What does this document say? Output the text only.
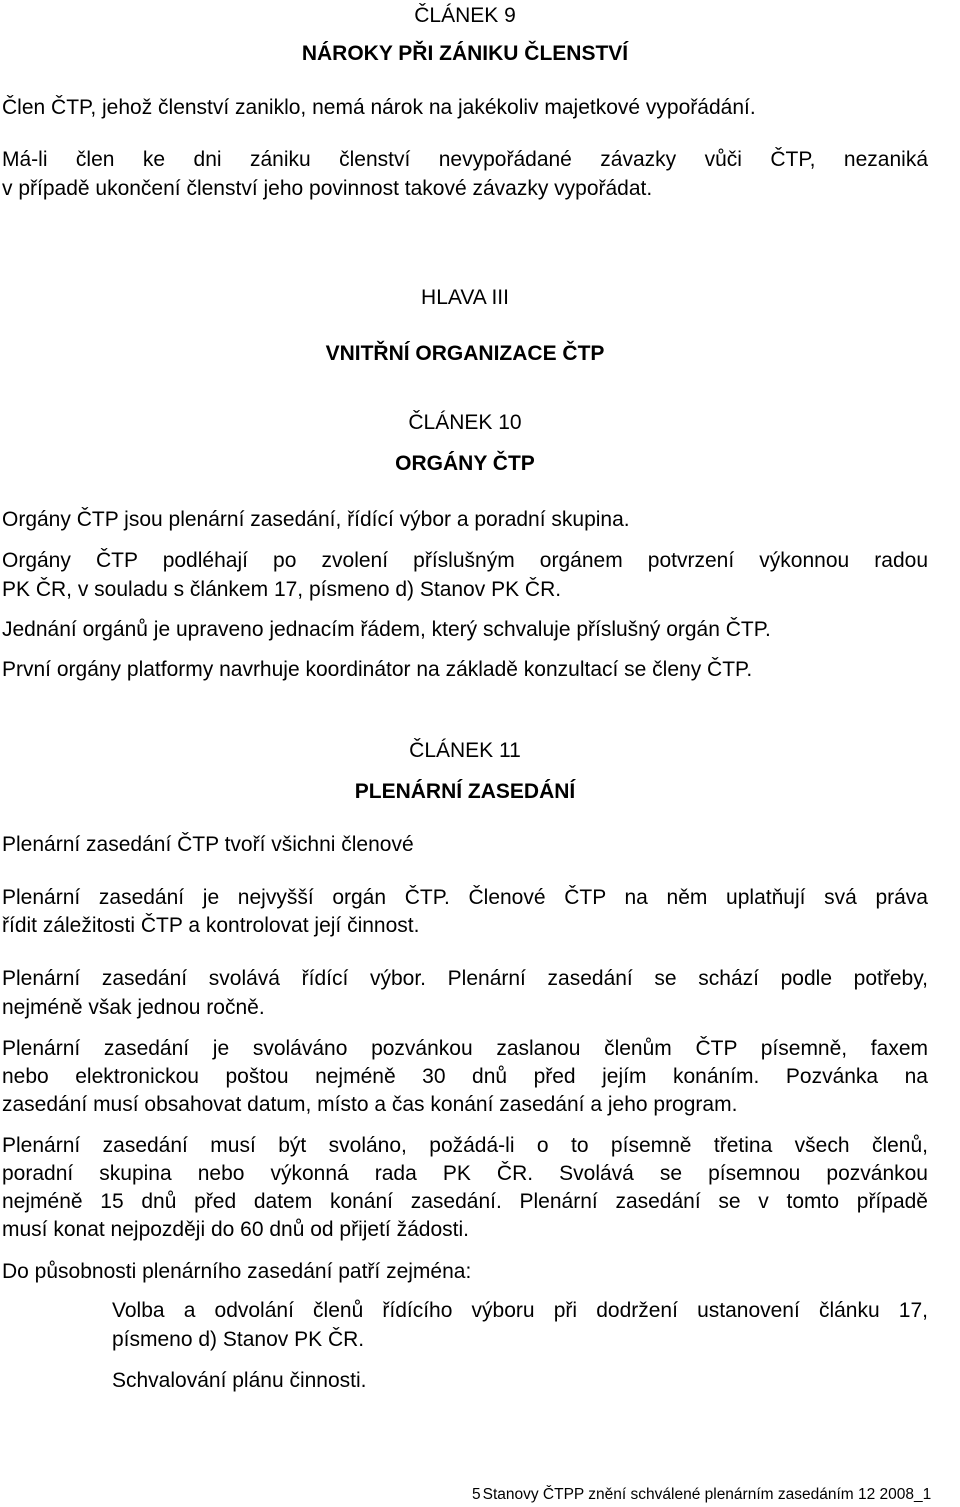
ČLÁNEK 9
NÁROKY PŘI ZÁNIKU ČLENSTVÍ
Člen ČTP, jehož členství zaniklo, nemá nárok na jakékoliv majetkové vypořádání.
Má-li člen ke dni zániku členství nevypořádané závazky vůči ČTP, nezaniká
v případě ukončení členství jeho povinnost takové závazky vypořádat.
HLAVA III
VNITŘNÍ ORGANIZACE ČTP
ČLÁNEK 10
ORGÁNY ČTP
Orgány ČTP jsou plenární zasedání, řídící výbor a poradní skupina.
Orgány ČTP podléhají po zvolení příslušným orgánem potvrzení výkonnou radou
PK ČR, v souladu s článkem 17, písmeno d) Stanov PK ČR.
Jednání orgánů je upraveno jednacím řádem, který schvaluje příslušný orgán ČTP.
První orgány platformy navrhuje koordinátor na základě konzultací se členy ČTP.
ČLÁNEK 11
PLENÁRNÍ ZASEDÁNÍ
Plenární zasedání ČTP tvoří všichni členové
Plenární zasedání je nejvyšší orgán ČTP. Členové ČTP na něm uplatňují svá práva
řídit záležitosti ČTP a kontrolovat její činnost.
Plenární zasedání svolává řídící výbor. Plenární zasedání se schází podle potřeby,
nejméně však jednou ročně.
Plenární zasedání je svoláváno pozvánkou zaslanou členům ČTP písemně, faxem
nebo elektronickou poštou nejméně 30 dnů před jejím konáním. Pozvánka na
zasedání musí obsahovat datum, místo a čas konání zasedání a jeho program.
Plenární zasedání musí být svoláno, požádá-li o to písemně třetina všech členů,
poradní skupina nebo výkonná rada PK ČR. Svolává se písemnou pozvánkou
nejméně 15 dnů před datem konání zasedání. Plenární zasedání se v tomto případě
musí konat nejpozději do 60 dnů od přijetí žádosti.
Do působnosti plenárního zasedání patří zejména:
Volba a odvolání členů řídícího výboru při dodržení ustanovení článku 17,
písmeno d) Stanov PK ČR.
Schvalování plánu činnosti.
5 Stanovy ČTPP znění schválené plenárním zasedáním 12 2008_1
